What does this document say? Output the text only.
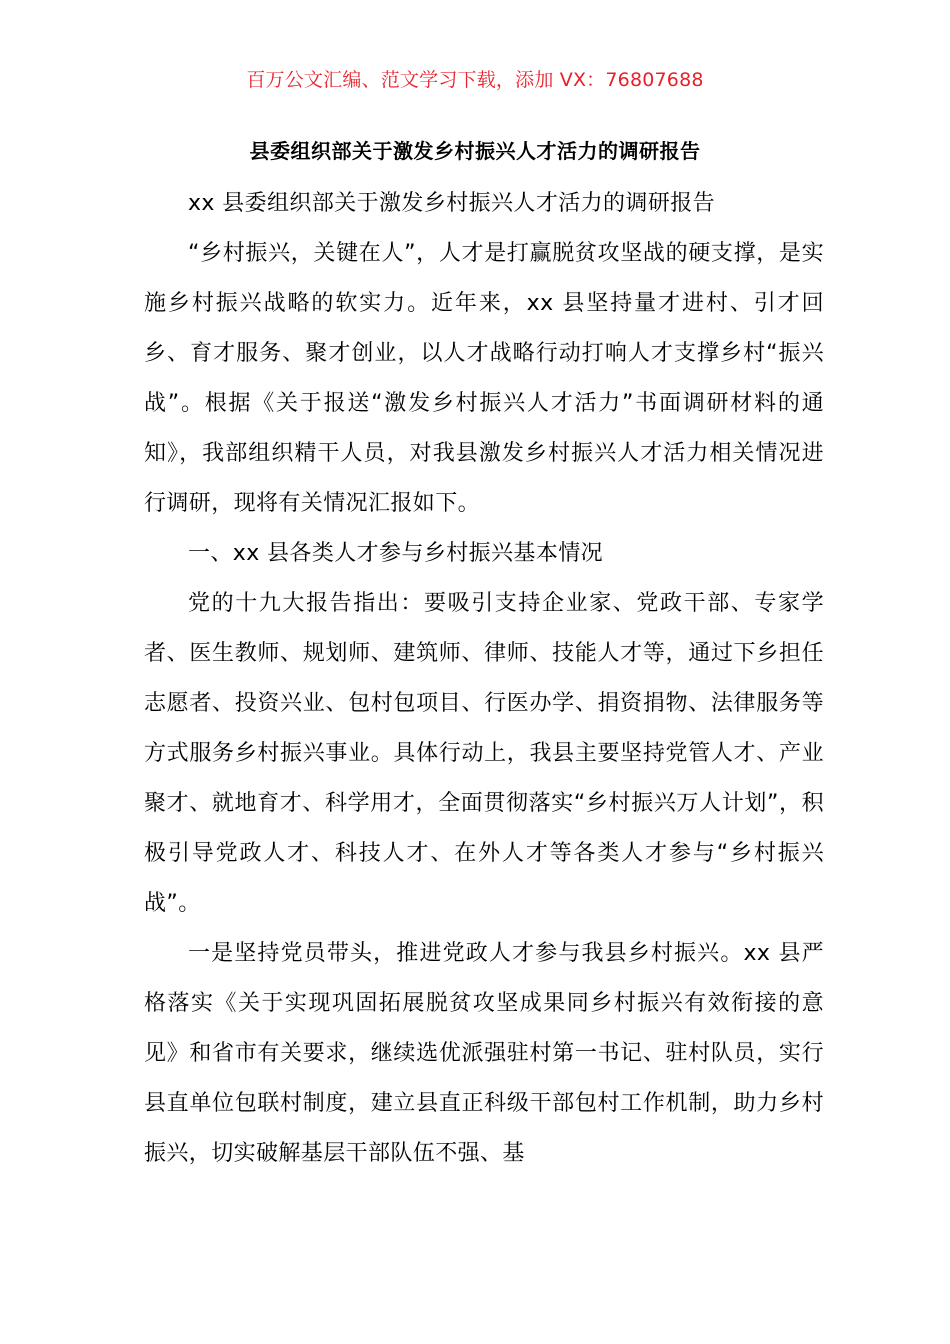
百万公文汇编、范文学习下载，添加 VX：76807688
县委组织部关于激发乡村振兴人才活力的调研报告

xx 县委组织部关于激发乡村振兴人才活力的调研报告

“乡村振兴，关键在人”，人才是打赢脱贫攻坚战的硬支撑，是实施乡村振兴战略的软实力。近年来，xx 县坚持量才进村、引才回乡、育才服务、聚才创业，以人才战略行动打响人才支撑乡村“振兴战”。根据《关于报送“激发乡村振兴人才活力”书面调研材料的通知》，我部组织精干人员，对我县激发乡村振兴人才活力相关情况进行调研，现将有关情况汇报如下。

一、xx 县各类人才参与乡村振兴基本情况

党的十九大报告指出：要吸引支持企业家、党政干部、专家学者、医生教师、规划师、建筑师、律师、技能人才等，通过下乡担任志愿者、投资兴业、包村包项目、行医办学、捐资捐物、法律服务等方式服务乡村振兴事业。具体行动上，我县主要坚持党管人才、产业聚才、就地育才、科学用才，全面贯彻落实“乡村振兴万人计划”，积极引导党政人才、科技人才、在外人才等各类人才参与“乡村振兴战”。

一是坚持党员带头，推进党政人才参与我县乡村振兴。xx 县严格落实《关于实现巩固拓展脱贫攻坚成果同乡村振兴有效衔接的意见》和省市有关要求，继续选优派强驻村第一书记、驻村队员，实行县直单位包联村制度，建立县直正科级干部包村工作机制，助力乡村振兴，切实破解基层干部队伍不强、基
